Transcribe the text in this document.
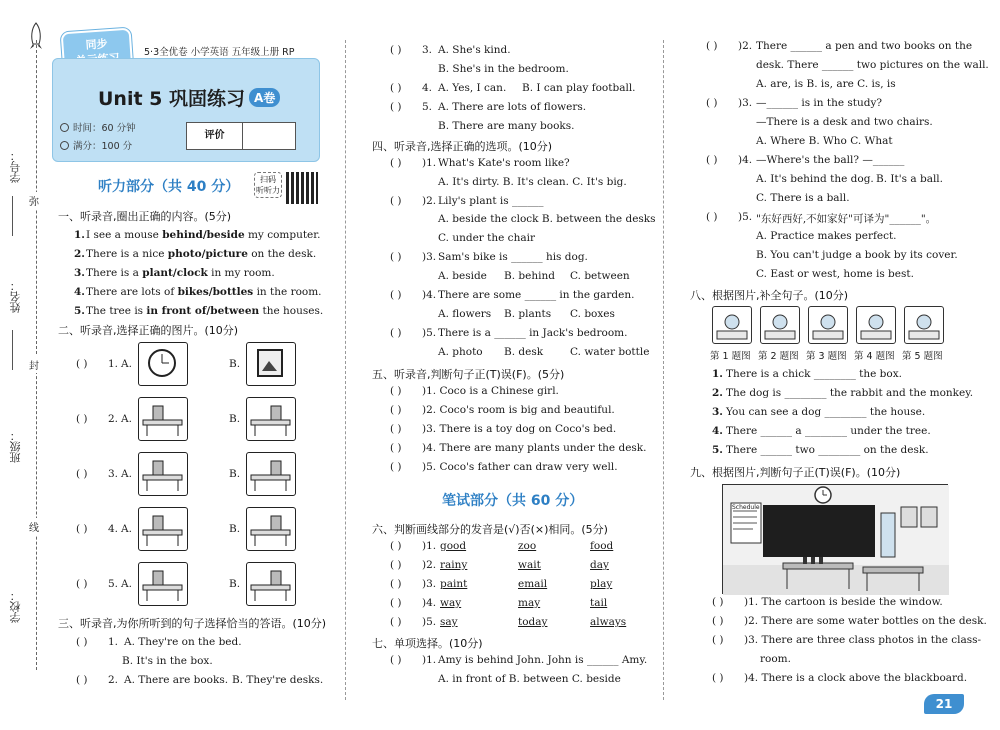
学号：
弥
姓名：
封
班级：
线
学校：
同步
5·3全优卷 小学英语 五年级上册 RP
Unit 5 巩固练习 A卷
时间：60 分钟
满分：100 分
评价
听力部分（共 40 分）	扫码
听听力
一、听录音,圈出正确的内容。(5分)
1. I see a mouse behind/beside my computer.
2. There is a nice photo/picture on the desk.
3. There is a plant/clock in my room.
4. There are lots of bikes/bottles in the room.
5. The tree is in front of/between the houses.
二、听录音,选择正确的图片。(10分)
( ) 1. A.	B.
( ) 2. A.	B.
( ) 3. A.	B.
( ) 4. A.	B.
( ) 5. A.	B.
三、听录音,为你所听到的句子选择恰当的答语。(10分)
( ) 1. A. They're on the bed.
B. It's in the box.
( ) 2. A. There are books. B. They're desks.
( ) 3. A. She's kind.
B. She's in the bedroom.
( ) 4. A. Yes, I can. B. I can play football.
( ) 5. A. There are lots of flowers.
B. There are many books.
四、听录音,选择正确的选项。(10分)
( ) )1. What's Kate's room like?
A. It's dirty. B. It's clean. C. It's big.
( ) )2. Lily's plant is ______
A. beside the clock B. between the desks
C. under the chair
( ) )3. Sam's bike is ______ his dog.
A. beside B. behind C. between
( ) )4. There are some ______ in the garden.
A. flowers B. plants C. boxes
( ) )5. There is a ______ in Jack's bedroom.
A. photo B. desk	C. water bottle
五、听录音,判断句子正(T)误(F)。(5分)
( ) )1. Coco is a Chinese girl.
( ) )2. Coco's room is big and beautiful.
( ) )3. There is a toy dog on Coco's bed.
( ) )4. There are many plants under the desk.
( ) )5. Coco's father can draw very well.
笔试部分（共 60 分）
六、判断画线部分的发音是(√)否(×)相同。(5分)
( ) )1. good	zoo	food
( ) )2. rainy	wait	day
( ) )3. paint	email	play
( ) )4. way	may	tail
( ) )5. say	today	always
七、单项选择。(10分)
( ) )1. Amy is behind John. John is ______ Amy.
A. in front of B. between C. beside
( ) )2. There ______ a pen and two books on the
desk. There ______ two pictures on the wall.
A. are, is B. is, are C. is, is
( ) )3. —______ is in the study?
—There is a desk and two chairs.
A. Where B. Who C. What
( ) )4. —Where's the ball? —______
A. It's behind the dog. B. It's a ball.
C. There is a ball.
( ) )5. "东好西好,不如家好"可译为"______"。
A. Practice makes perfect.
B. You can't judge a book by its cover.
C. East or west, home is best.
八、根据图片,补全句子。(10分)
第 1 题图 第 2 题图 第 3 题图 第 4 题图 第 5 题图
1. There is a chick ________ the box.
2. The dog is ________ the rabbit and the monkey.
3. You can see a dog ________ the house.
4. There ______ a ________ under the tree.
5. There ______ two ________ on the desk.
九、根据图片,判断句子正(T)误(F)。(10分)
Schedule
( ) )1. The cartoon is beside the window.
( ) )2. There are some water bottles on the desk.
( ) )3. There are three class photos in the class-
( ) )4. There is a clock above the blackboard.
room.
21
